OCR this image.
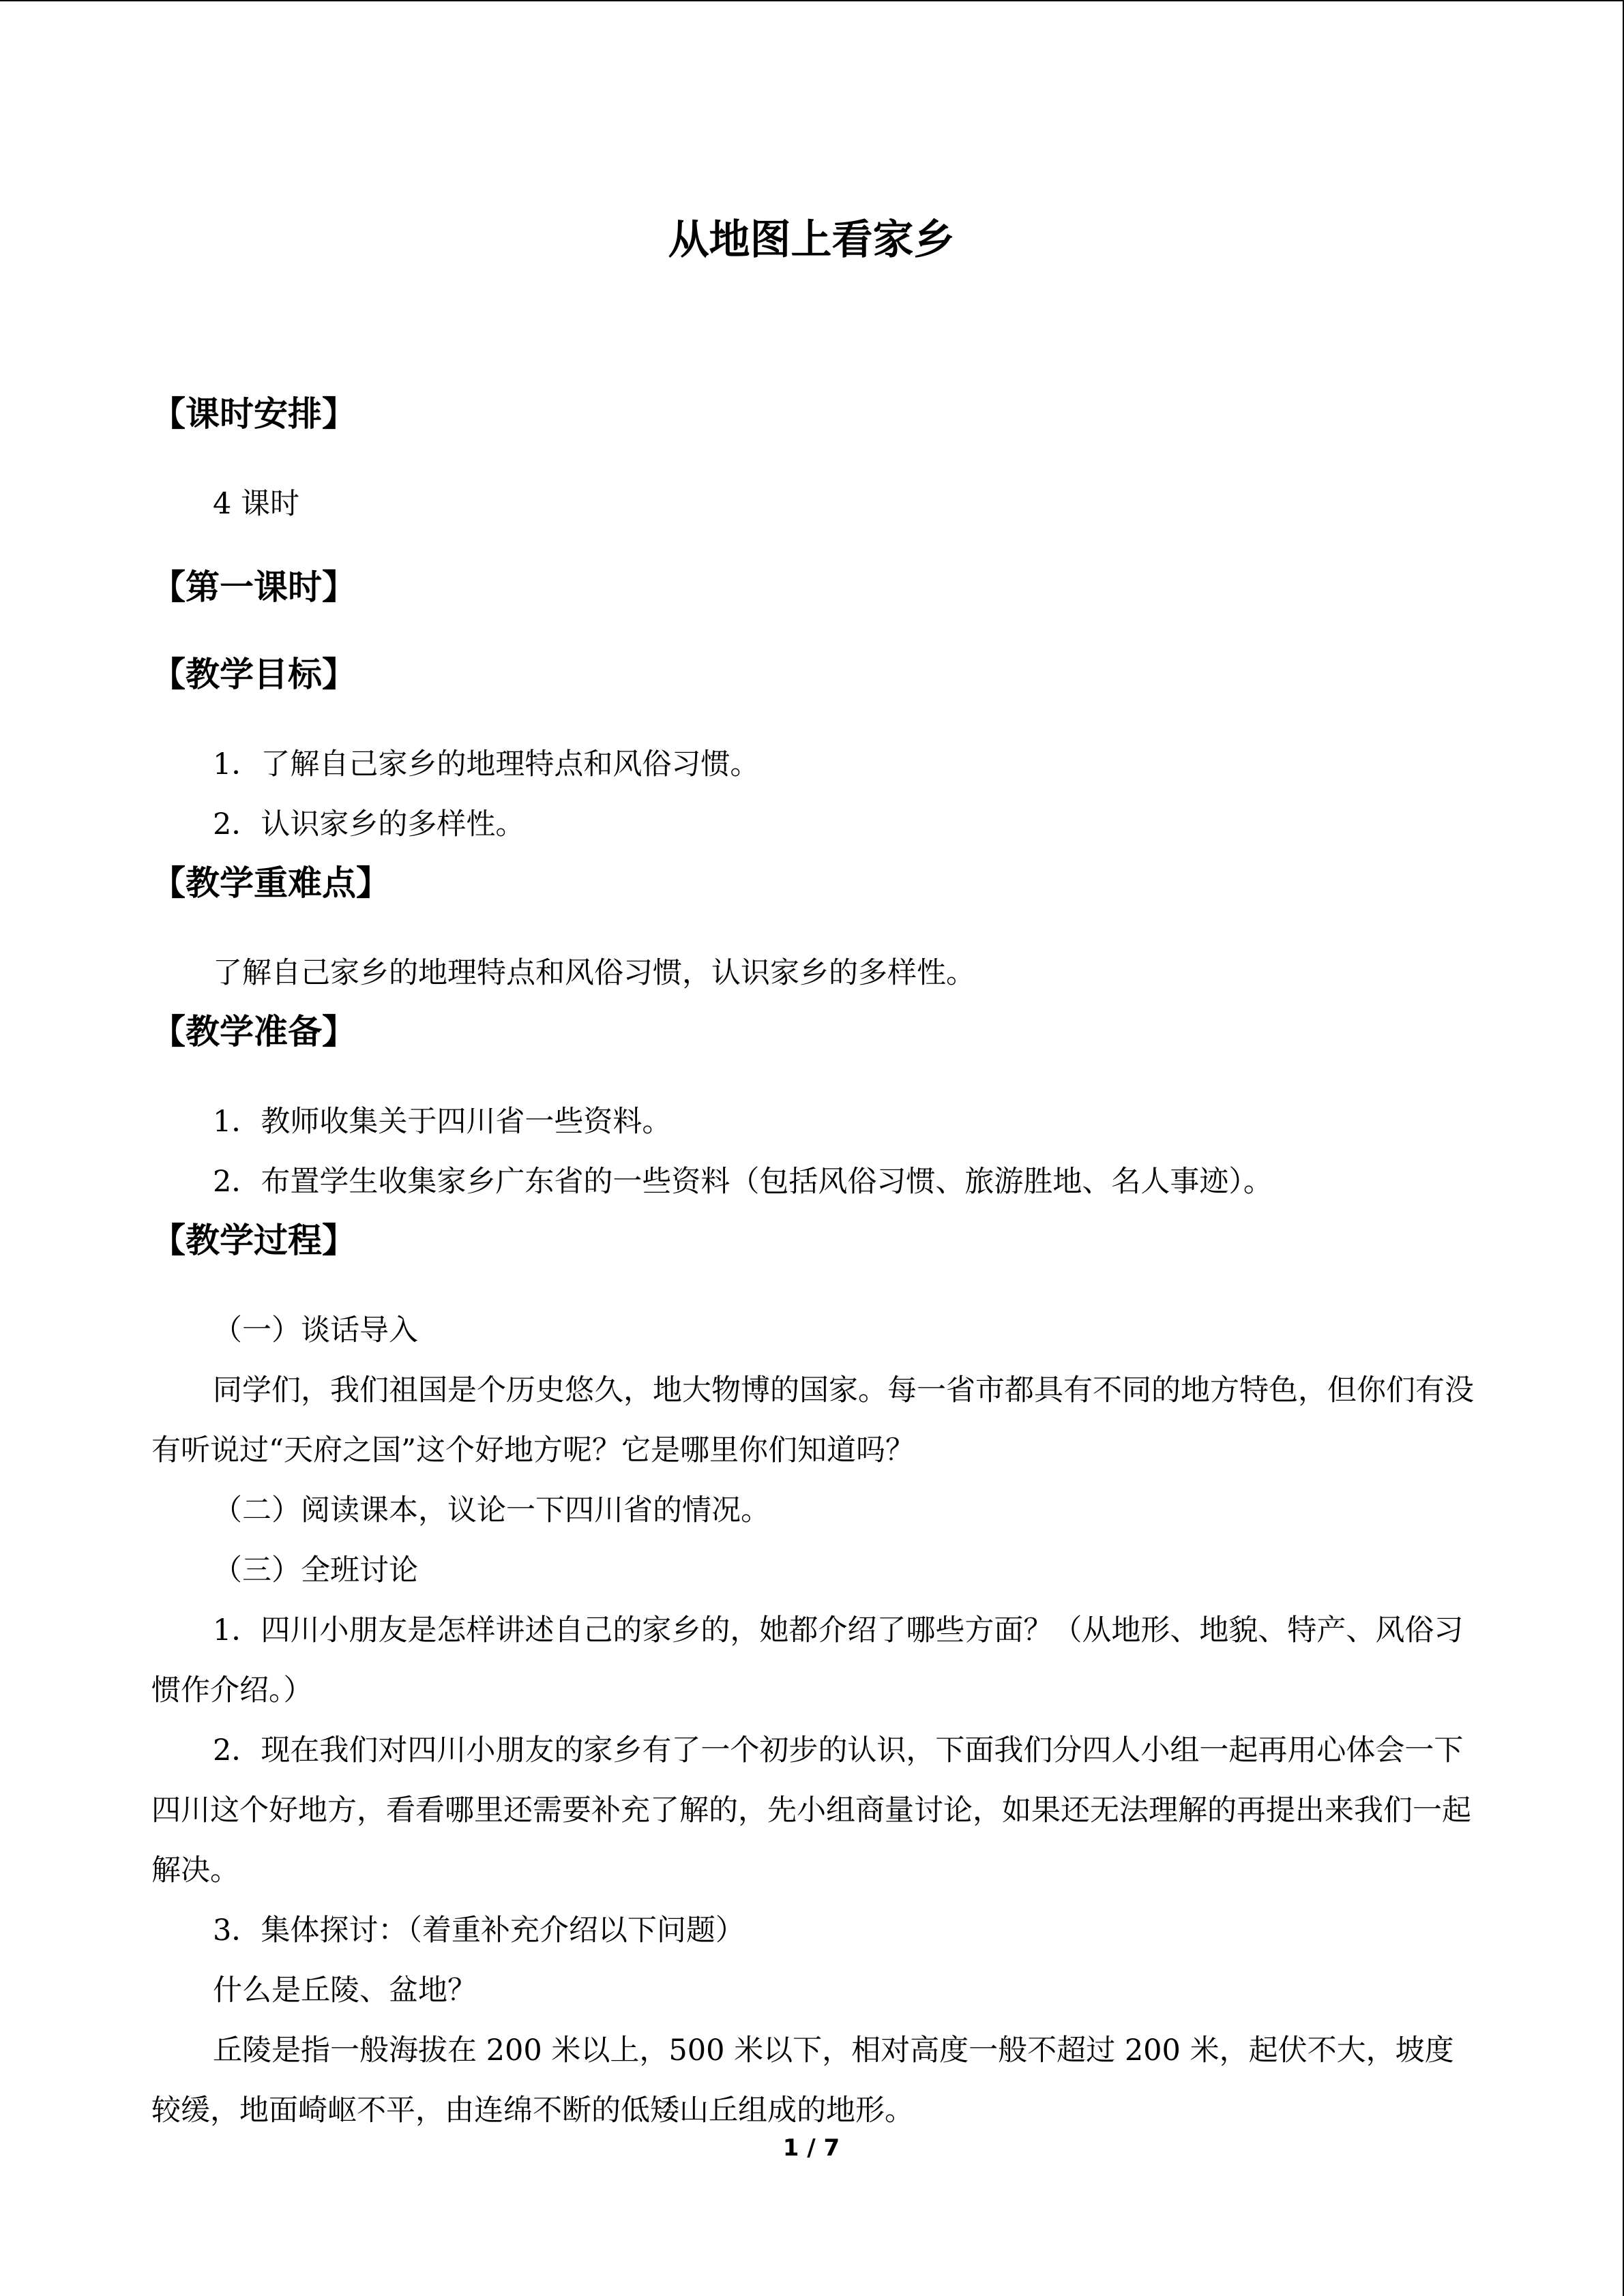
从地图上看家乡
【课时安排】

4 课时

【第一课时】
【教学目标】

1．了解自己家乡的地理特点和风俗习惯。

2．认识家乡的多样性。

【教学重难点】

了解自己家乡的地理特点和风俗习惯，认识家乡的多样性。

【教学准备】

1．教师收集关于四川省一些资料。

2．布置学生收集家乡广东省的一些资料（包括风俗习惯、旅游胜地、名人事迹）。

【教学过程】

（一）谈话导入

同学们，我们祖国是个历史悠久，地大物博的国家。每一省市都具有不同的地方特色，但你们有没有听说过“天府之国”这个好地方呢？它是哪里你们知道吗？

（二）阅读课本，议论一下四川省的情况。

（三）全班讨论

1．四川小朋友是怎样讲述自己的家乡的，她都介绍了哪些方面？（从地形、地貌、特产、风俗习惯作介绍。）

2．现在我们对四川小朋友的家乡有了一个初步的认识，下面我们分四人小组一起再用心体会一下四川这个好地方，看看哪里还需要补充了解的，先小组商量讨论，如果还无法理解的再提出来我们一起解决。

3．集体探讨：（着重补充介绍以下问题）

什么是丘陵、盆地？

丘陵是指一般海拔在 200 米以上，500 米以下，相对高度一般不超过 200 米，起伏不大，坡度较缓，地面崎岖不平，由连绵不断的低矮山丘组成的地形。

1 / 7
